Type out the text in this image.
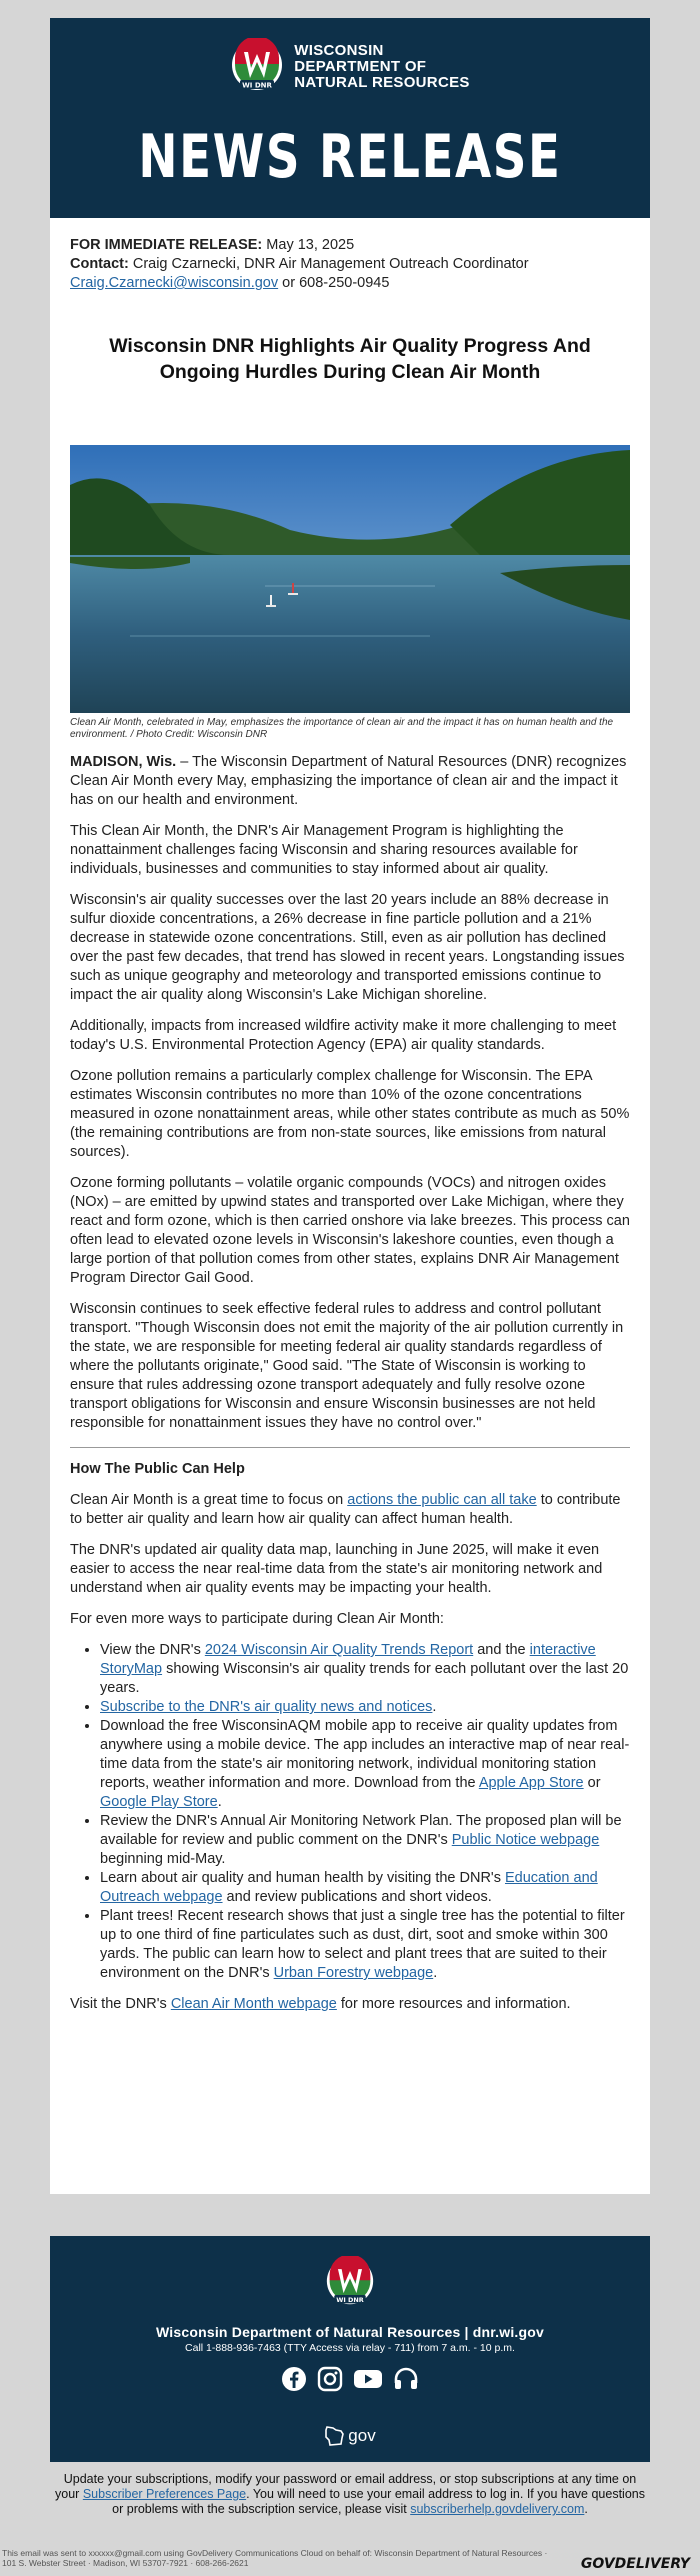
WI DNR
WISCONSIN
DEPARTMENT OF
NATURAL RESOURCES
NEWS RELEASE

FOR IMMEDIATE RELEASE: May 13, 2025

Contact: Craig Czarnecki, DNR Air Management Outreach Coordinator

Craig.Czarnecki@wisconsin.gov or 608-250-0945

Wisconsin DNR Highlights Air Quality Progress And Ongoing Hurdles During Clean Air Month
Clean Air Month, celebrated in May, emphasizes the importance of clean air and the impact it has on human health and the environment. / Photo Credit: Wisconsin DNR

MADISON, Wis. – The Wisconsin Department of Natural Resources (DNR) recognizes Clean Air Month every May, emphasizing the importance of clean air and the impact it has on our health and environment.

This Clean Air Month, the DNR's Air Management Program is highlighting the nonattainment challenges facing Wisconsin and sharing resources available for individuals, businesses and communities to stay informed about air quality.

Wisconsin's air quality successes over the last 20 years include an 88% decrease in sulfur dioxide concentrations, a 26% decrease in fine particle pollution and a 21% decrease in statewide ozone concentrations. Still, even as air pollution has declined over the past few decades, that trend has slowed in recent years. Longstanding issues such as unique geography and meteorology and transported emissions continue to impact the air quality along Wisconsin's Lake Michigan shoreline.

Additionally, impacts from increased wildfire activity make it more challenging to meet today's U.S. Environmental Protection Agency (EPA) air quality standards.

Ozone pollution remains a particularly complex challenge for Wisconsin. The EPA estimates Wisconsin contributes no more than 10% of the ozone concentrations measured in ozone nonattainment areas, while other states contribute as much as 50% (the remaining contributions are from non-state sources, like emissions from natural sources).

Ozone forming pollutants – volatile organic compounds (VOCs) and nitrogen oxides (NOx) – are emitted by upwind states and transported over Lake Michigan, where they react and form ozone, which is then carried onshore via lake breezes. This process can often lead to elevated ozone levels in Wisconsin's lakeshore counties, even though a large portion of that pollution comes from other states, explains DNR Air Management Program Director Gail Good.

Wisconsin continues to seek effective federal rules to address and control pollutant transport. "Though Wisconsin does not emit the majority of the air pollution currently in the state, we are responsible for meeting federal air quality standards regardless of where the pollutants originate," Good said. "The State of Wisconsin is working to ensure that rules addressing ozone transport adequately and fully resolve ozone transport obligations for Wisconsin and ensure Wisconsin businesses are not held responsible for nonattainment issues they have no control over."

How The Public Can Help

Clean Air Month is a great time to focus on actions the public can all take to contribute to better air quality and learn how air quality can affect human health.

The DNR's updated air quality data map, launching in June 2025, will make it even easier to access the near real-time data from the state's air monitoring network and understand when air quality events may be impacting your health.

For even more ways to participate during Clean Air Month:

• View the DNR's 2024 Wisconsin Air Quality Trends Report and the interactive StoryMap showing Wisconsin's air quality trends for each pollutant over the last 20 years.
• Subscribe to the DNR's air quality news and notices.
• Download the free WisconsinAQM mobile app to receive air quality updates from anywhere using a mobile device. The app includes an interactive map of near real-time data from the state's air monitoring network, individual monitoring station reports, weather information and more. Download from the Apple App Store or Google Play Store.
• Review the DNR's Annual Air Monitoring Network Plan. The proposed plan will be available for review and public comment on the DNR's Public Notice webpage beginning mid-May.
• Learn about air quality and human health by visiting the DNR's Education and Outreach webpage and review publications and short videos.
• Plant trees! Recent research shows that just a single tree has the potential to filter up to one third of fine particulates such as dust, dirt, soot and smoke within 300 yards. The public can learn how to select and plant trees that are suited to their environment on the DNR's Urban Forestry webpage.

Visit the DNR's Clean Air Month webpage for more resources and information.

WI DNR
Wisconsin Department of Natural Resources | dnr.wi.gov
Call 1-888-936-7463 (TTY Access via relay - 711) from 7 a.m. - 10 p.m.
gov
Update your subscriptions, modify your password or email address, or stop subscriptions at any time on your Subscriber Preferences Page. You will need to use your email address to log in. If you have questions or problems with the subscription service, please visit subscriberhelp.govdelivery.com.
This email was sent to xxxxxx@gmail.com using GovDelivery Communications Cloud on behalf of: Wisconsin Department of Natural Resources · 101 S. Webster Street · Madison, WI 53707-7921 · 608-266-2621	GOVDELIVERY
